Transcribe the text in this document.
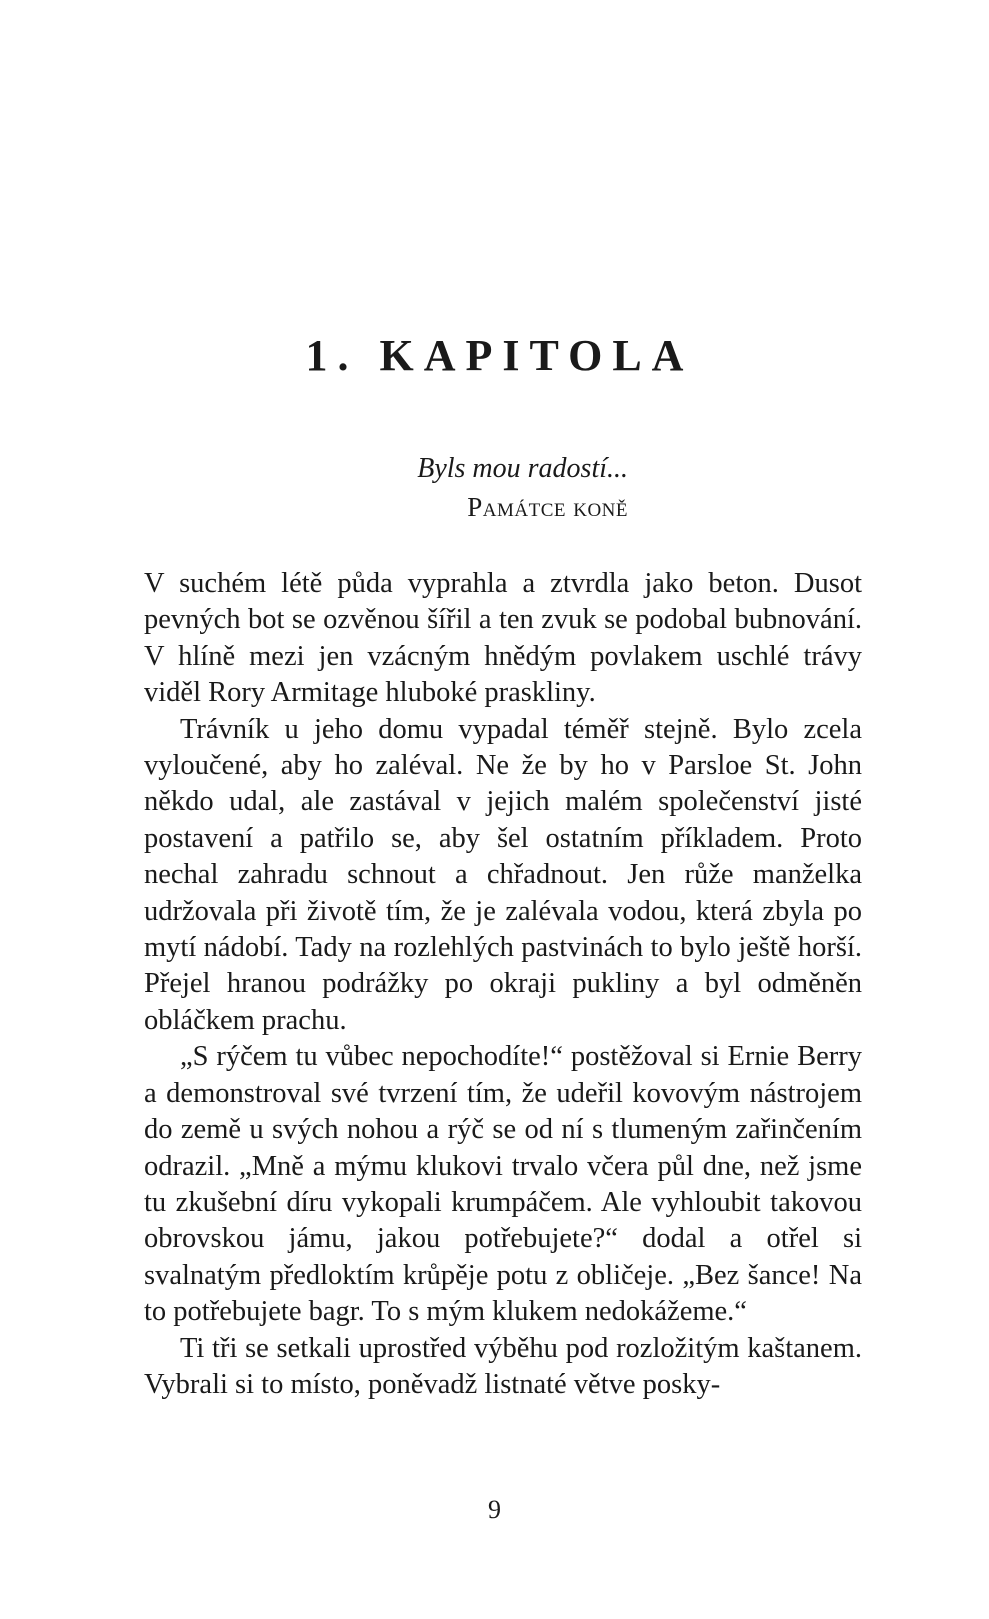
1. KAPITOLA
Byls mou radostí...
Památce koně

V suchém létě půda vyprahla a ztvrdla jako beton. Dusot pevných bot se ozvěnou šířil a ten zvuk se podobal bubnování. V hlíně mezi jen vzácným hnědým povlakem uschlé trávy viděl Rory Armitage hluboké praskliny.

Trávník u jeho domu vypadal téměř stejně. Bylo zcela vyloučené, aby ho zaléval. Ne že by ho v Parsloe St. John někdo udal, ale zastával v jejich malém společenství jisté postavení a patřilo se, aby šel ostatním příkladem. Proto nechal zahradu schnout a chřadnout. Jen růže manželka udržovala při životě tím, že je zalévala vodou, která zbyla po mytí nádobí. Tady na rozlehlých pastvinách to bylo ještě horší. Přejel hranou podrážky po okraji pukliny a byl odměněn obláčkem prachu.

„S rýčem tu vůbec nepochodíte!“ postěžoval si Ernie Berry a demonstroval své tvrzení tím, že udeřil kovovým nástrojem do země u svých nohou a rýč se od ní s tlumeným zařinčením odrazil. „Mně a mýmu klukovi trvalo včera půl dne, než jsme tu zkušební díru vykopali krumpáčem. Ale vyhloubit takovou obrovskou jámu, jakou potřebujete?“ dodal a otřel si svalnatým předloktím krůpěje potu z obličeje. „Bez šance! Na to potřebujete bagr. To s mým klukem nedokážeme.“

Ti tři se setkali uprostřed výběhu pod rozložitým kaštanem. Vybrali si to místo, poněvadž listnaté větve posky-

9
